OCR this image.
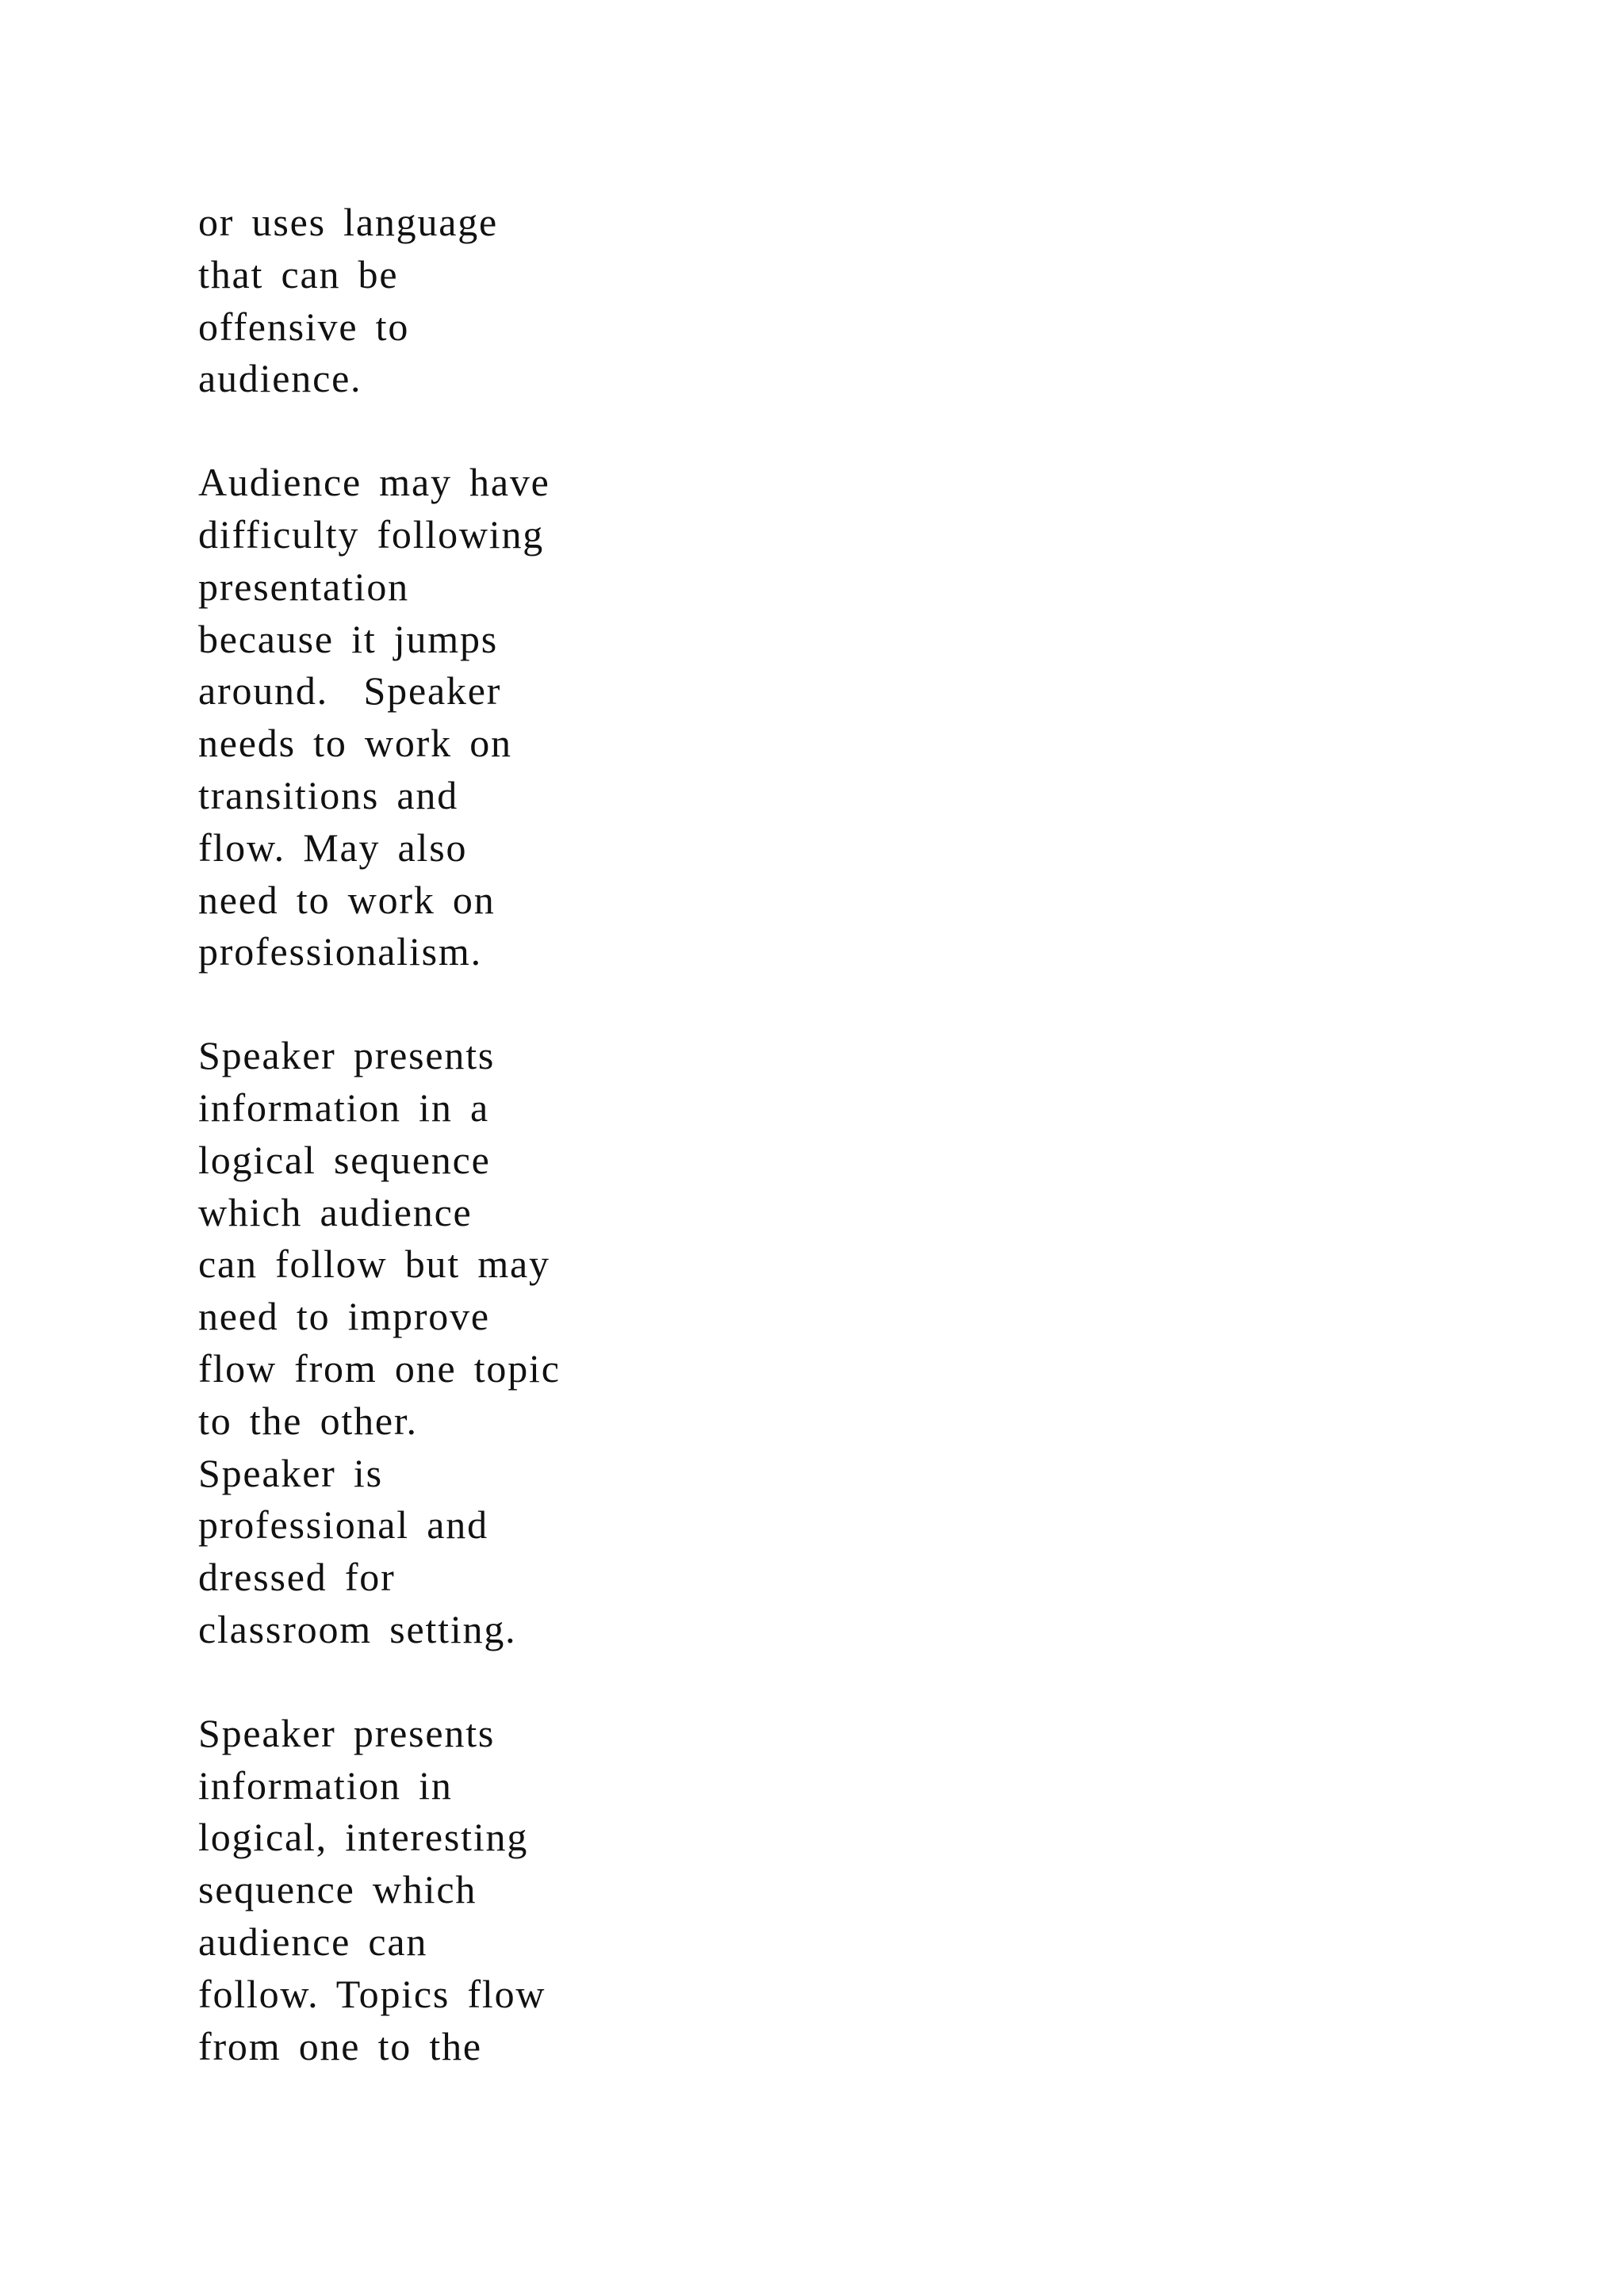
or uses language
that can be
offensive to
audience.
Audience may have
difficulty following
presentation
because it jumps
around.  Speaker
needs to work on
transitions and
flow. May also
need to work on
professionalism.
Speaker presents
information in a
logical sequence
which audience
can follow but may
need to improve
flow from one topic
to the other.
Speaker is
professional and
dressed for
classroom setting.
Speaker presents
information in
logical, interesting
sequence which
audience can
follow. Topics flow
from one to the
